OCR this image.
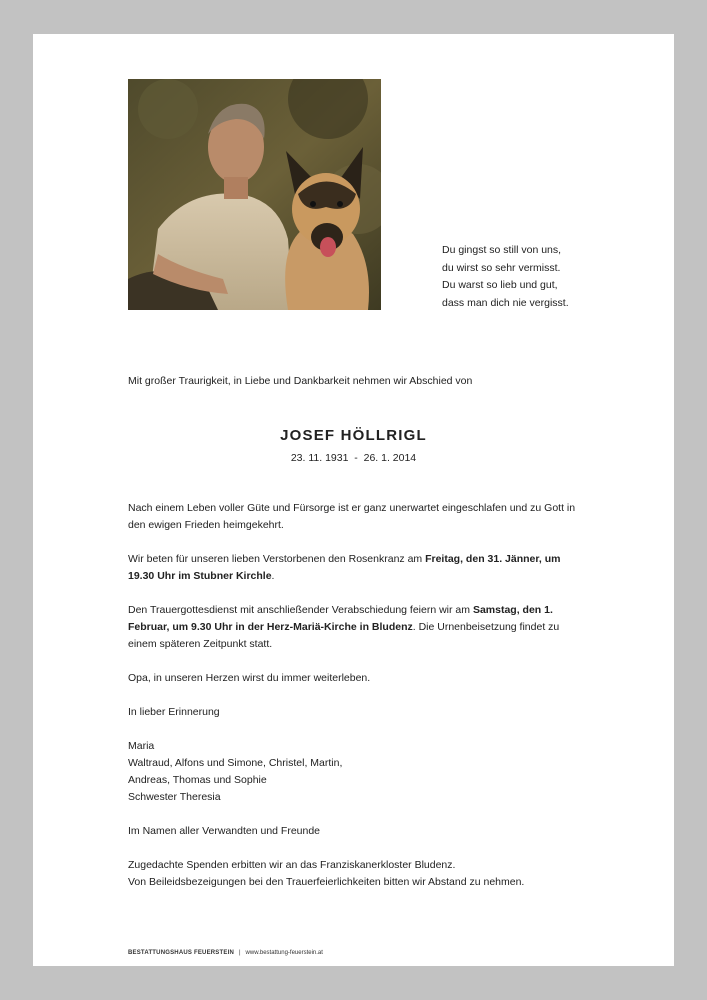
Du gingst so still von uns,
du wirst so sehr vermisst.
Du warst so lieb und gut,
dass man dich nie vergisst.
Mit großer Traurigkeit, in Liebe und Dankbarkeit nehmen wir Abschied von
JOSEF HÖLLRIGL
23. 11. 1931  -  26. 1. 2014

Nach einem Leben voller Güte und Fürsorge ist er ganz unerwartet eingeschlafen und zu Gott in den ewigen Frieden heimgekehrt.

Wir beten für unseren lieben Verstorbenen den Rosenkranz am Freitag, den 31. Jänner, um 19.30 Uhr im Stubner Kirchle.

Den Trauergottesdienst mit anschließender Verabschiedung feiern wir am Samstag, den 1. Februar, um 9.30 Uhr in der Herz-Mariä-Kirche in Bludenz. Die Urnenbeisetzung findet zu einem späteren Zeitpunkt statt.

Opa, in unseren Herzen wirst du immer weiterleben.

In lieber Erinnerung

Maria
Waltraud, Alfons und Simone, Christel, Martin,
Andreas, Thomas und Sophie
Schwester Theresia

Im Namen aller Verwandten und Freunde

Zugedachte Spenden erbitten wir an das Franziskanerkloster Bludenz.
Von Beileidsbezeigungen bei den Trauerfeierlichkeiten bitten wir Abstand zu nehmen.

BESTATTUNGSHAUS FEUERSTEIN | www.bestattung-feuerstein.at
